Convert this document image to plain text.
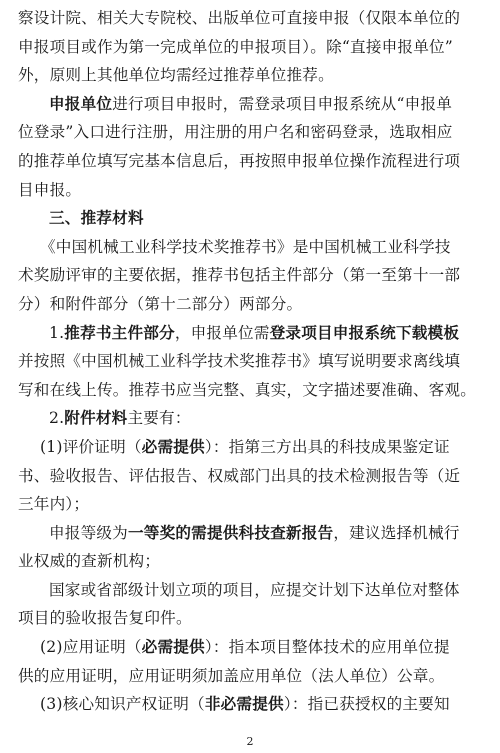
察设计院、相关大专院校、出版单位可直接申报（仅限本单位的
申报项目或作为第一完成单位的申报项目）。除“直接申报单位”
外，原则上其他单位均需经过推荐单位推荐。
申报单位进行项目申报时，需登录项目申报系统从“申报单
位登录”入口进行注册，用注册的用户名和密码登录，选取相应
的推荐单位填写完基本信息后，再按照申报单位操作流程进行项
目申报。
三、推荐材料
《中国机械工业科学技术奖推荐书》是中国机械工业科学技
术奖励评审的主要依据，推荐书包括主件部分（第一至第十一部
分）和附件部分（第十二部分）两部分。
1.推荐书主件部分，申报单位需登录项目申报系统下载模板
并按照《中国机械工业科学技术奖推荐书》填写说明要求离线填
写和在线上传。推荐书应当完整、真实，文字描述要准确、客观。
2.附件材料主要有：
(1)评价证明（必需提供）：指第三方出具的科技成果鉴定证
书、验收报告、评估报告、权威部门出具的技术检测报告等（近
三年内）；
申报等级为一等奖的需提供科技查新报告，建议选择机械行
业权威的查新机构；
国家或省部级计划立项的项目，应提交计划下达单位对整体
项目的验收报告复印件。
(2)应用证明（必需提供）：指本项目整体技术的应用单位提
供的应用证明，应用证明须加盖应用单位（法人单位）公章。
(3)核心知识产权证明（非必需提供）：指已获授权的主要知
2
